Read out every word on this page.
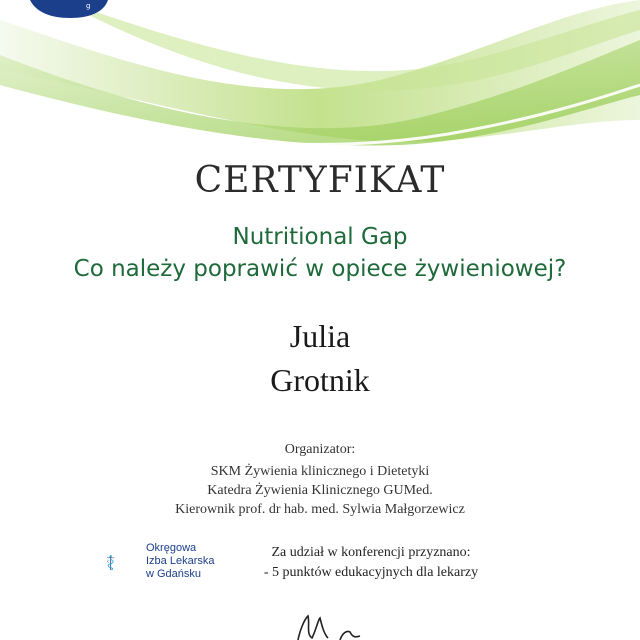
g
CERTYFIKAT
Nutritional Gap
Co należy poprawić w opiece żywieniowej?
Julia
Grotnik
Organizator:
SKM Żywienia klinicznego i Dietetyki
Katedra Żywienia Klinicznego GUMed.
Kierownik prof. dr hab. med. Sylwia Małgorzewicz
Okręgowa
Izba Lekarska
w Gdańsku
Za udział w konferencji przyznano:
- 5 punktów edukacyjnych dla lekarzy
